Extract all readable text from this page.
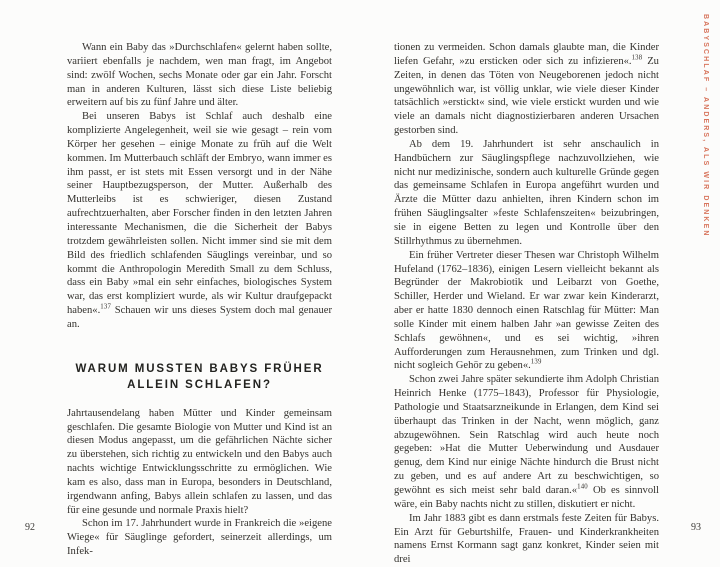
Wann ein Baby das »Durchschlafen« gelernt haben sollte, variiert ebenfalls je nachdem, wen man fragt, im Angebot sind: zwölf Wochen, sechs Monate oder gar ein Jahr. Forscht man in anderen Kulturen, lässt sich diese Liste beliebig erweitern auf bis zu fünf Jahre und älter.

Bei unseren Babys ist Schlaf auch deshalb eine komplizierte Angelegenheit, weil sie wie gesagt – rein vom Körper her gesehen – einige Monate zu früh auf die Welt kommen. Im Mutterbauch schläft der Embryo, wann immer es ihm passt, er ist stets mit Essen versorgt und in der Nähe seiner Hauptbezugsperson, der Mutter. Außerhalb des Mutterleibs ist es schwieriger, diesen Zustand aufrechtzuerhalten, aber Forscher finden in den letzten Jahren interessante Mechanismen, die die Sicherheit der Babys trotzdem gewährleisten sollen. Nicht immer sind sie mit dem Bild des friedlich schlafenden Säuglings vereinbar, und so kommt die Anthropologin Meredith Small zu dem Schluss, dass ein Baby »mal ein sehr einfaches, biologisches System war, das erst kompliziert wurde, als wir Kultur draufgepackt haben«.$^{137}$ Schauen wir uns dieses System doch mal genauer an.

WARUM MUSSTEN BABYS FRÜHER
ALLEIN SCHLAFEN?

Jahrtausendelang haben Mütter und Kinder gemeinsam geschlafen. Die gesamte Biologie von Mutter und Kind ist an diesen Modus angepasst, um die gefährlichen Nächte sicher zu überstehen, sich richtig zu entwickeln und den Babys auch nachts wichtige Entwicklungsschritte zu ermöglichen. Wie kam es also, dass man in Europa, besonders in Deutschland, irgendwann anfing, Babys allein schlafen zu lassen, und das für eine gesunde und normale Praxis hielt?

Schon im 17. Jahrhundert wurde in Frankreich die »eigene Wiege« für Säuglinge gefordert, seinerzeit allerdings, um Infek-

tionen zu vermeiden. Schon damals glaubte man, die Kinder liefen Gefahr, »zu ersticken oder sich zu infizieren«.$^{138}$ Zu Zeiten, in denen das Töten von Neugeborenen jedoch nicht ungewöhnlich war, ist völlig unklar, wie viele dieser Kinder tatsächlich »erstickt« sind, wie viele erstickt wurden und wie viele an damals nicht diagnostizierbaren anderen Ursachen gestorben sind.

Ab dem 19. Jahrhundert ist sehr anschaulich in Handbüchern zur Säuglingspflege nachzuvollziehen, wie nicht nur medizinische, sondern auch kulturelle Gründe gegen das gemeinsame Schlafen in Europa angeführt wurden und Ärzte die Mütter dazu anhielten, ihren Kindern schon im frühen Säuglingsalter »feste Schlafenszeiten« beizubringen, sie in eigene Betten zu legen und Kontrolle über den Stillrhythmus zu übernehmen.

Ein früher Vertreter dieser Thesen war Christoph Wilhelm Hufeland (1762–1836), einigen Lesern vielleicht bekannt als Begründer der Makrobiotik und Leibarzt von Goethe, Schiller, Herder und Wieland. Er war zwar kein Kinderarzt, aber er hatte 1830 dennoch einen Ratschlag für Mütter: Man solle Kinder mit einem halben Jahr »an gewisse Zeiten des Schlafs gewöhnen«, und es sei wichtig, »ihren Aufforderungen zum Herausnehmen, zum Trinken und dgl. nicht sogleich Gehör zu geben«.$^{139}$

Schon zwei Jahre später sekundierte ihm Adolph Christian Heinrich Henke (1775–1843), Professor für Physiologie, Pathologie und Staatsarzneikunde in Erlangen, dem Kind sei überhaupt das Trinken in der Nacht, wenn möglich, ganz abzugewöhnen. Sein Ratschlag wird auch heute noch gegeben: »Hat die Mutter Ueberwindung und Ausdauer genug, dem Kind nur einige Nächte hindurch die Brust nicht zu geben, und es auf andere Art zu beschwichtigen, so gewöhnt es sich meist sehr bald daran.«$^{140}$ Ob es sinnvoll wäre, ein Baby nachts nicht zu stillen, diskutiert er nicht.

Im Jahr 1883 gibt es dann erstmals feste Zeiten für Babys. Ein Arzt für Geburtshilfe, Frauen- und Kinderkrankheiten namens Ernst Kormann sagt ganz konkret, Kinder seien mit drei

92	93
BABYSCHLAF – ANDERS, ALS WIR DENKEN
